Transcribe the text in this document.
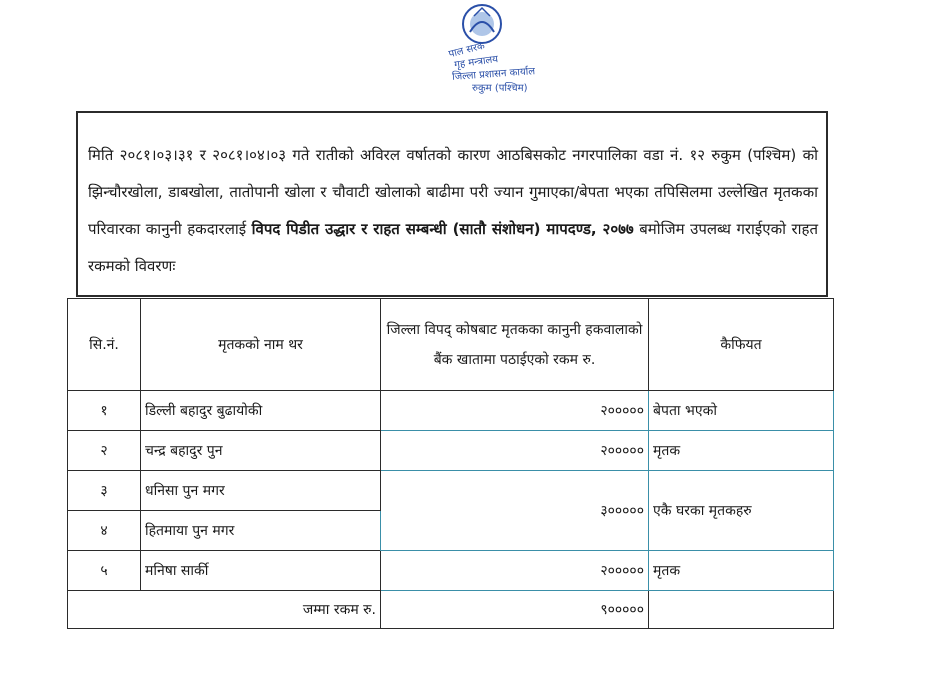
पाल सरक
गृह मन्त्रालय
जिल्ला प्रशासन कार्याल
रुकुम (पश्चिम)
मिति २०८१।०३।३१ र २०८१।०४।०३ गते रातीको अविरल वर्षातको कारण आठबिसकोट नगरपालिका वडा नं. १२ रुकुम (पश्चिम) को झिन्चौरखोला, डाबखोला, तातोपानी खोला र चौवाटी खोलाको बाढीमा परी ज्यान गुमाएका/बेपता भएका तपिसिलमा उल्लेखित मृतकका परिवारका कानुनी हकदारलाई विपद पिडीत उद्धार र राहत सम्बन्धी (सातौ संशोधन) मापदण्ड, २०७७ बमोजिम उपलब्ध गराईएको राहत रकमको विवरणः
सि.नं.	मृतकको नाम थर	जिल्ला विपद् कोषबाट मृतकका कानुनी हकवालाको बैंक खातामा पठाईएको रकम रु.	कैफियत
१	डिल्ली बहादुर बुढायोकी	२०००००	बेपता भएको
२	चन्द्र बहादुर पुन	२०००००	मृतक
३	धनिसा पुन मगर	३०००००	एकै घरका मृतकहरु
४	हितमाया पुन मगर		
५	मनिषा सार्की	२०००००	मृतक
जम्मा रकम रु.		९०००००	
